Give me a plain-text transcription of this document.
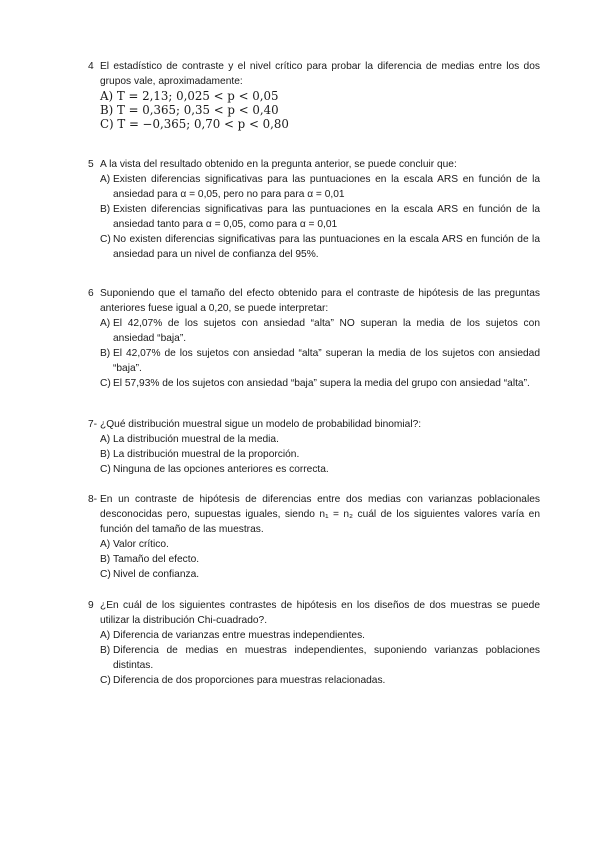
4 El estadístico de contraste y el nivel crítico para probar la diferencia de medias entre los dos grupos vale, aproximadamente:
A) T = 2,13; 0,025 < p < 0,05
B) T = 0,365; 0,35 < p < 0,40
C) T = −0,365; 0,70 < p < 0,80
5 A la vista del resultado obtenido en la pregunta anterior, se puede concluir que:
A) Existen diferencias significativas para las puntuaciones en la escala ARS en función de la ansiedad para α = 0,05, pero no para para α = 0,01
B) Existen diferencias significativas para las puntuaciones en la escala ARS en función de la ansiedad tanto para α = 0,05, como para α = 0,01
C) No existen diferencias significativas para las puntuaciones en la escala ARS en función de la ansiedad para un nivel de confianza del 95%.
6 Suponiendo que el tamaño del efecto obtenido para el contraste de hipótesis de las preguntas anteriores fuese igual a 0,20, se puede interpretar:
A) El 42,07% de los sujetos con ansiedad “alta” NO superan la media de los sujetos con ansiedad “baja”.
B) El 42,07% de los sujetos con ansiedad “alta” superan la media de los sujetos con ansiedad “baja”.
C) El 57,93% de los sujetos con ansiedad “baja” supera la media del grupo con ansiedad “alta”.
7- ¿Qué distribución muestral sigue un modelo de probabilidad binomial?:
A) La distribución muestral de la media.
B) La distribución muestral de la proporción.
C) Ninguna de las opciones anteriores es correcta.
8- En un contraste de hipótesis de diferencias entre dos medias con varianzas poblacionales desconocidas pero, supuestas iguales, siendo n₁ = n₂ cuál de los siguientes valores varía en función del tamaño de las muestras.
A) Valor crítico.
B) Tamaño del efecto.
C) Nivel de confianza.
9 ¿En cuál de los siguientes contrastes de hipótesis en los diseños de dos muestras se puede utilizar la distribución Chi-cuadrado?.
A) Diferencia de varianzas entre muestras independientes.
B) Diferencia de medias en muestras independientes, suponiendo varianzas poblaciones distintas.
C) Diferencia de dos proporciones para muestras relacionadas.
